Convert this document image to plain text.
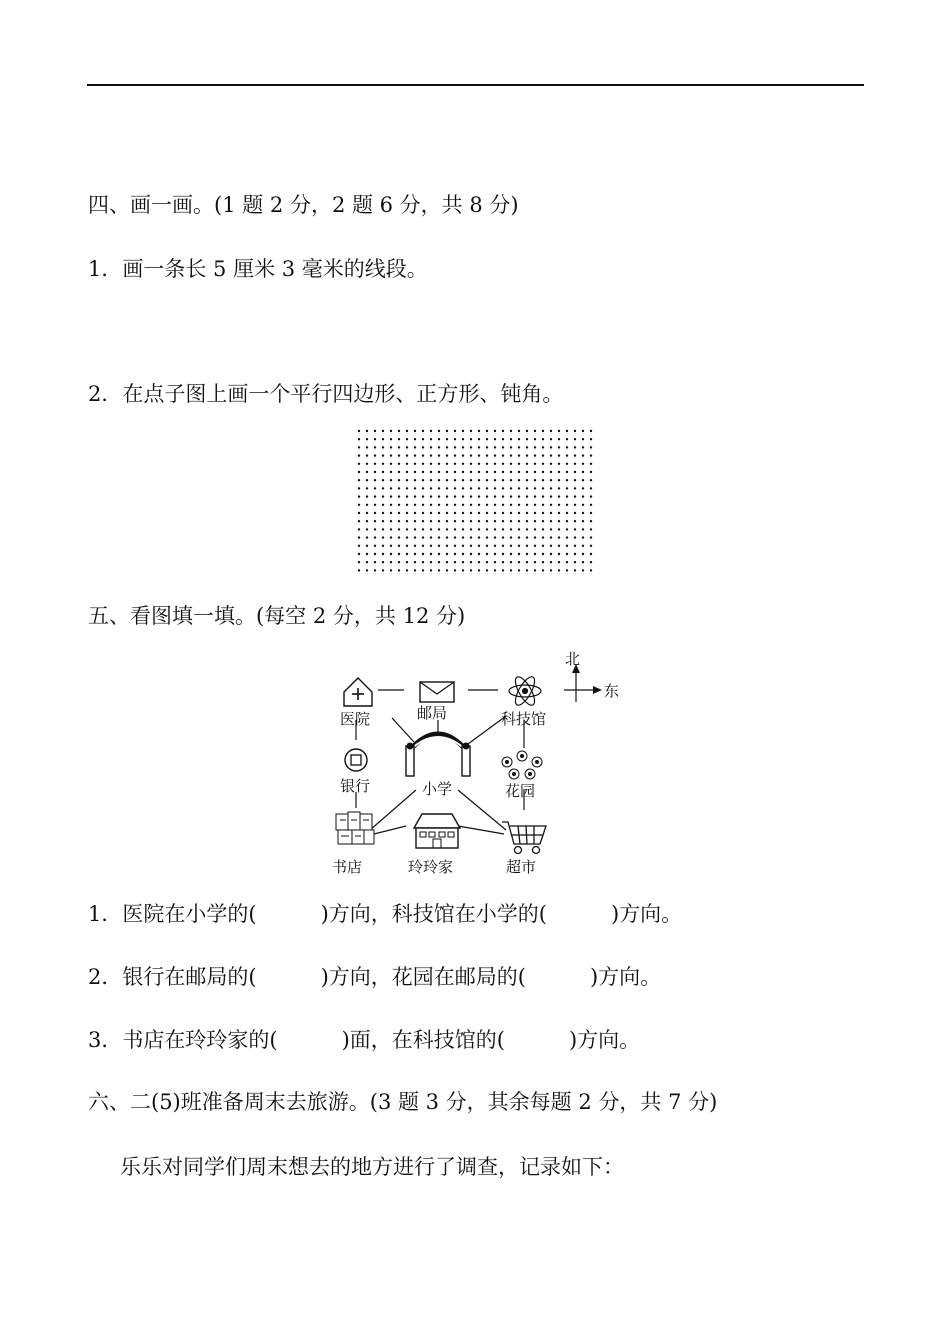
四、画一画。(1 题 2 分，2 题 6 分，共 8 分)
1．画一条长 5 厘米 3 毫米的线段。
2．在点子图上画一个平行四边形、正方形、钝角。
五、看图填一填。(每空 2 分，共 12 分)
北
东
医院	邮局	科技馆
银行	小学	花园
书店	玲玲家	超市
1．医院在小学的(	)方向，科技馆在小学的(	)方向。
2．银行在邮局的(	)方向，花园在邮局的(	)方向。
3．书店在玲玲家的(	)面，在科技馆的(	)方向。
六、二(5)班准备周末去旅游。(3 题 3 分，其余每题 2 分，共 7 分)
乐乐对同学们周末想去的地方进行了调查，记录如下：
